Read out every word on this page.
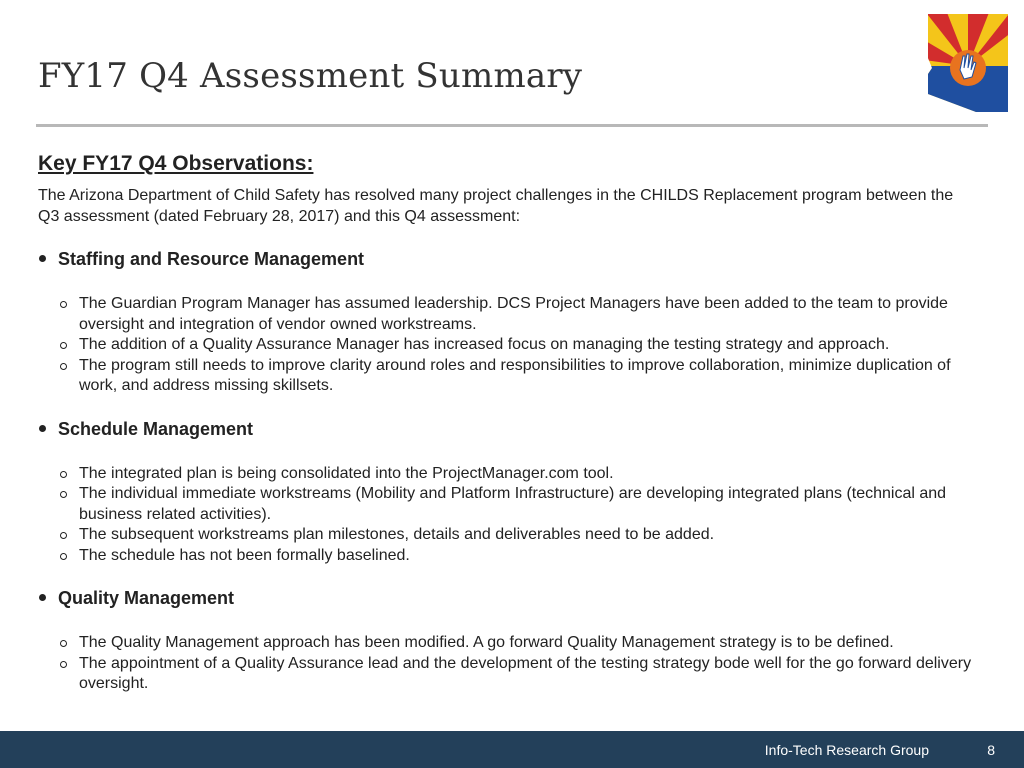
FY17 Q4 Assessment Summary

Key FY17 Q4 Observations:

The Arizona Department of Child Safety has resolved many project challenges in the CHILDS Replacement program between the Q3 assessment (dated February 28, 2017) and this Q4 assessment:

Staffing and Resource Management

The Guardian Program Manager has assumed leadership. DCS Project Managers have been added to the team to provide oversight and integration of vendor owned workstreams.
The addition of a Quality Assurance Manager has increased focus on managing the testing strategy and approach.
The program still needs to improve clarity around roles and responsibilities to improve collaboration, minimize duplication of work, and address missing skillsets.

Schedule Management

The integrated plan is being consolidated into the ProjectManager.com tool.
The individual immediate workstreams (Mobility and Platform Infrastructure) are developing integrated plans (technical and business related activities).
The subsequent workstreams plan milestones, details and deliverables need to be added.
The schedule has not been formally baselined.

Quality Management

The Quality Management approach has been modified. A go forward Quality Management strategy is to be defined.
The appointment of a Quality Assurance lead and the development of the testing strategy bode well for the go forward delivery oversight.
Info-Tech Research Group	8
